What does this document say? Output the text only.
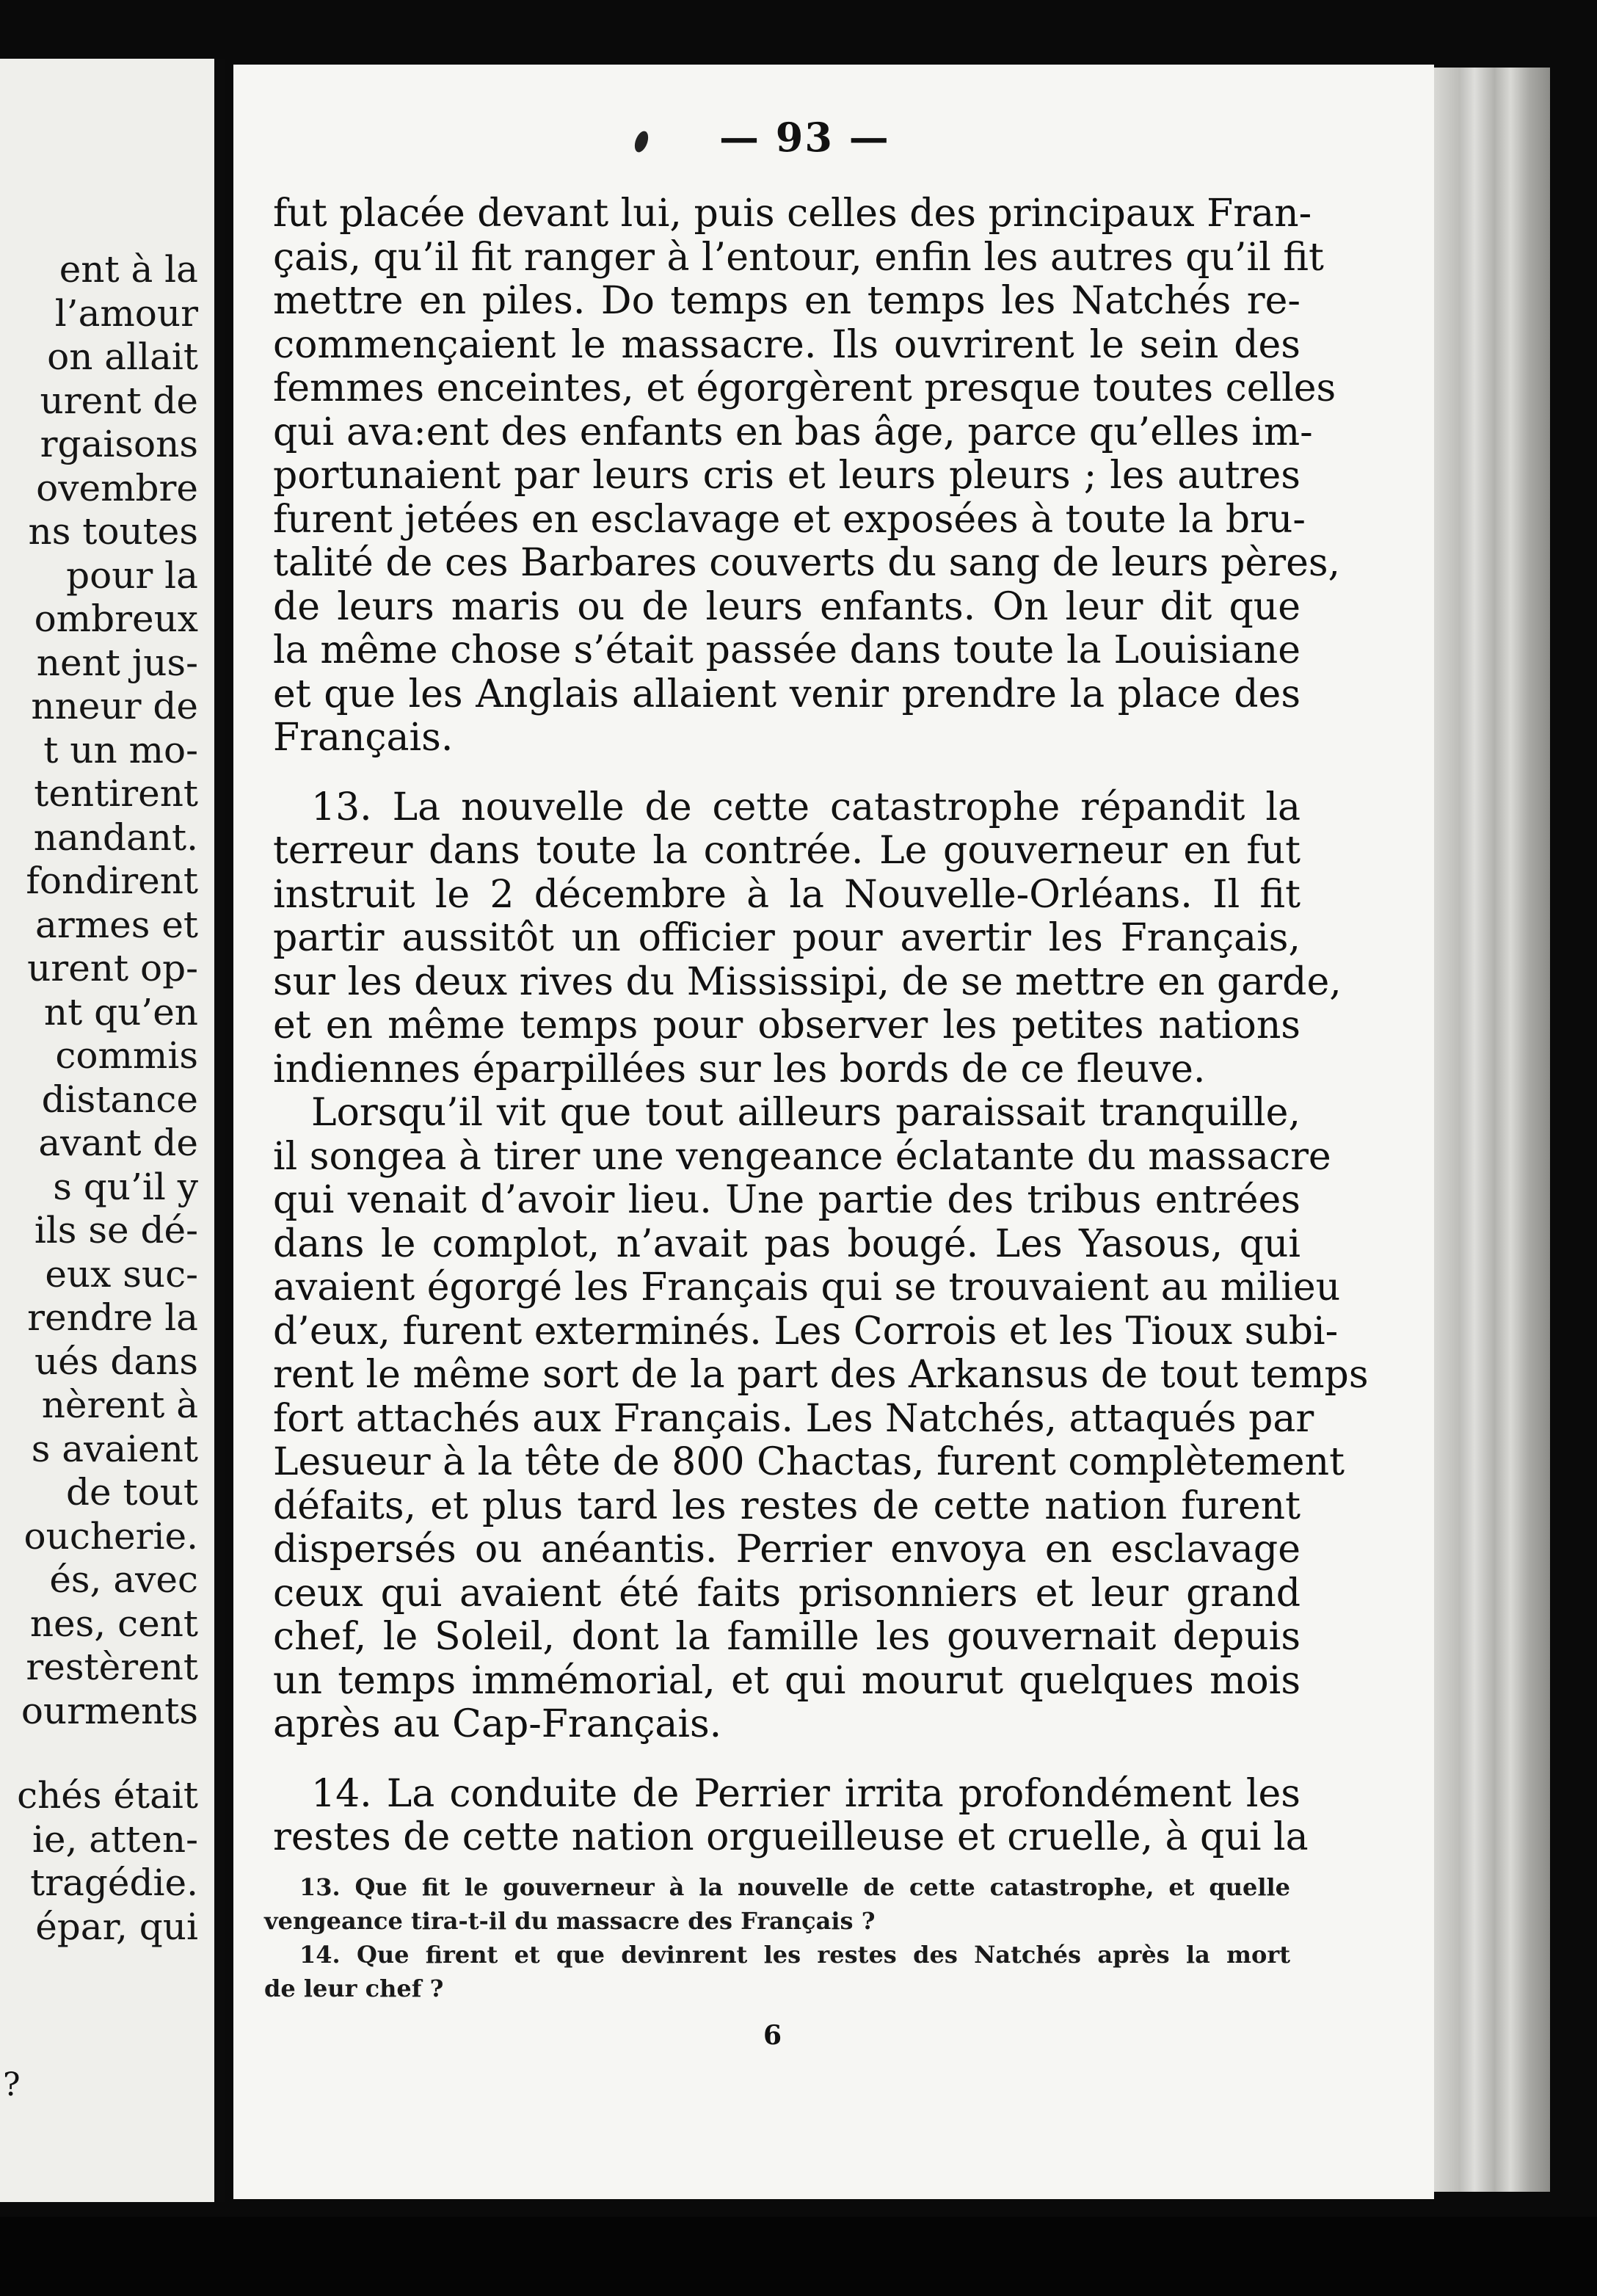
ent à la
l’amour
on allait
urent de
rgaisons
ovembre
ns toutes
pour la
ombreux
nent jus-
nneur de
t un mo-
tentirent
nandant.
fondirent
armes et
urent op-
nt qu’en
commis
distance
avant de
s qu’il y
ils se dé-
eux suc-
rendre la
ués dans
nèrent à
s avaient
de tout
oucherie.
és, avec
nes, cent
restèrent
ourments
chés était
ie, atten-
tragédie.
épar, qui
?
— 93 —
fut placée devant lui, puis celles des principaux Fran-
çais, qu’il fit ranger à l’entour, enfin les autres qu’il fit
mettre en piles. Do temps en temps les Natchés re-
commençaient le massacre. Ils ouvrirent le sein des
femmes enceintes, et égorgèrent presque toutes celles
qui ava:ent des enfants en bas âge, parce qu’elles im-
portunaient par leurs cris et leurs pleurs ; les autres
furent jetées en esclavage et exposées à toute la bru-
talité de ces Barbares couverts du sang de leurs pères,
de leurs maris ou de leurs enfants. On leur dit que
la même chose s’était passée dans toute la Louisiane
et que les Anglais allaient venir prendre la place des
Français.
13. La nouvelle de cette catastrophe répandit la
terreur dans toute la contrée. Le gouverneur en fut
instruit le 2 décembre à la Nouvelle-Orléans. Il fit
partir aussitôt un officier pour avertir les Français,
sur les deux rives du Mississipi, de se mettre en garde,
et en même temps pour observer les petites nations
indiennes éparpillées sur les bords de ce fleuve.
Lorsqu’il vit que tout ailleurs paraissait tranquille,
il songea à tirer une vengeance éclatante du massacre
qui venait d’avoir lieu. Une partie des tribus entrées
dans le complot, n’avait pas bougé. Les Yasous, qui
avaient égorgé les Français qui se trouvaient au milieu
d’eux, furent exterminés. Les Corrois et les Tioux subi-
rent le même sort de la part des Arkansus de tout temps
fort attachés aux Français. Les Natchés, attaqués par
Lesueur à la tête de 800 Chactas, furent complètement
défaits, et plus tard les restes de cette nation furent
dispersés ou anéantis. Perrier envoya en esclavage
ceux qui avaient été faits prisonniers et leur grand
chef, le Soleil, dont la famille les gouvernait depuis
un temps immémorial, et qui mourut quelques mois
après au Cap-Français.
14. La conduite de Perrier irrita profondément les
restes de cette nation orgueilleuse et cruelle, à qui la
13. Que fit le gouverneur à la nouvelle de cette catastrophe, et quelle
vengeance tira-t-il du massacre des Français ?
14. Que firent et que devinrent les restes des Natchés après la mort
de leur chef ?
6
